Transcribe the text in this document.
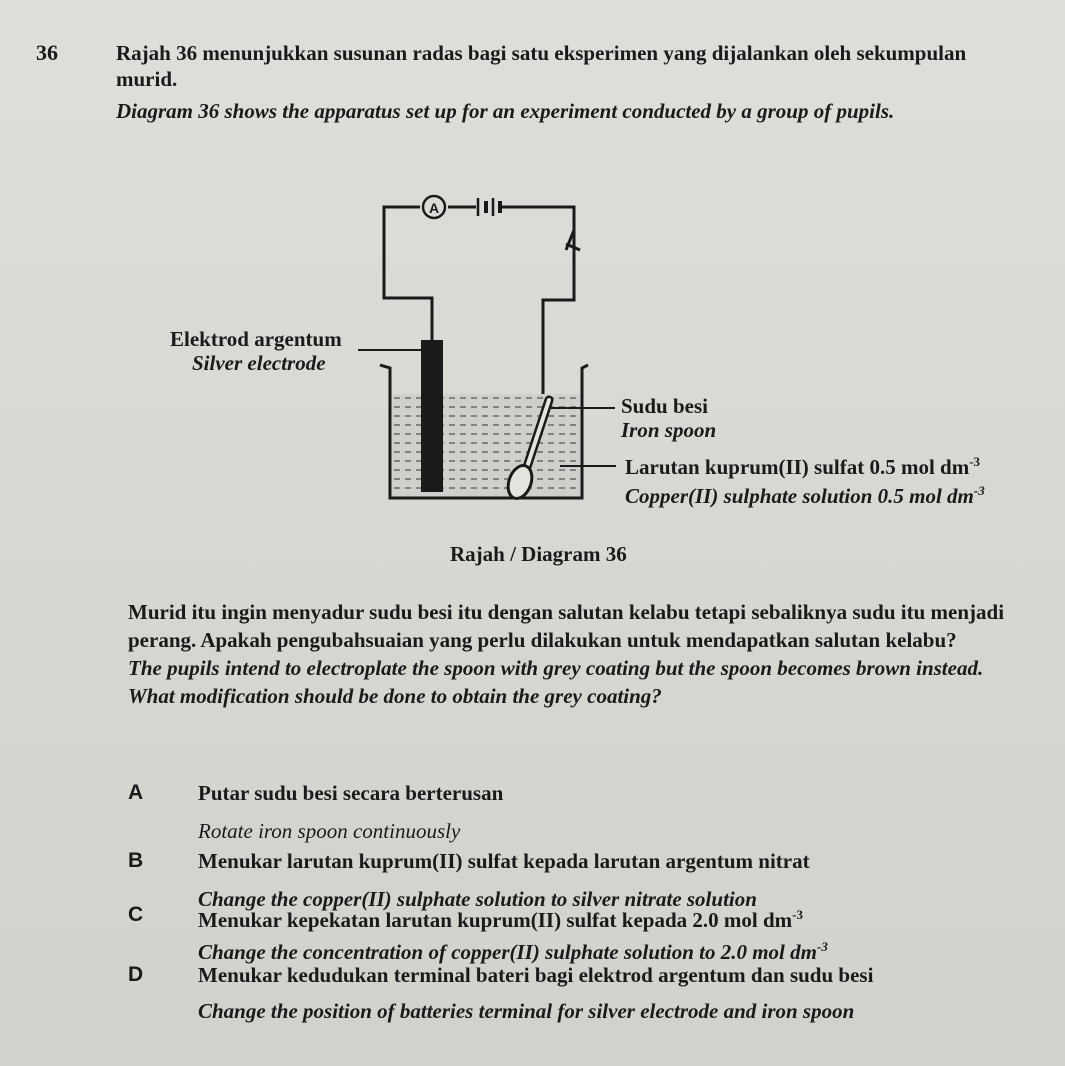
36	Rajah 36 menunjukkan susunan radas bagi satu eksperimen yang dijalankan oleh sekumpulan murid.

Diagram 36 shows the apparatus set up for an experiment conducted by a group of pupils.

A
Elektrod argentum
Silver electrode
Sudu besi
Iron spoon
Larutan kuprum(II) sulfat 0.5 mol $dm^{-3}$
Copper(II) sulphate solution 0.5 mol $dm^{-3}$
Rajah / Diagram 36

Murid itu ingin menyadur sudu besi itu dengan salutan kelabu tetapi sebaliknya sudu itu menjadi perang. Apakah pengubahsuaian yang perlu dilakukan untuk mendapatkan salutan kelabu?

The pupils intend to electroplate the spoon with grey coating but the spoon becomes brown instead. What modification should be done to obtain the grey coating?

A	Putar sudu besi secara berterusan
Rotate iron spoon continuously
B	Menukar larutan kuprum(II) sulfat kepada larutan argentum nitrat
Change the copper(II) sulphate solution to silver nitrate solution
C	Menukar kepekatan larutan kuprum(II) sulfat kepada 2.0 mol $dm^{-3}$
Change the concentration of copper(II) sulphate solution to 2.0 mol $dm^{-3}$
D	Menukar kedudukan terminal bateri bagi elektrod argentum dan sudu besi
Change the position of batteries terminal for silver electrode and iron spoon
